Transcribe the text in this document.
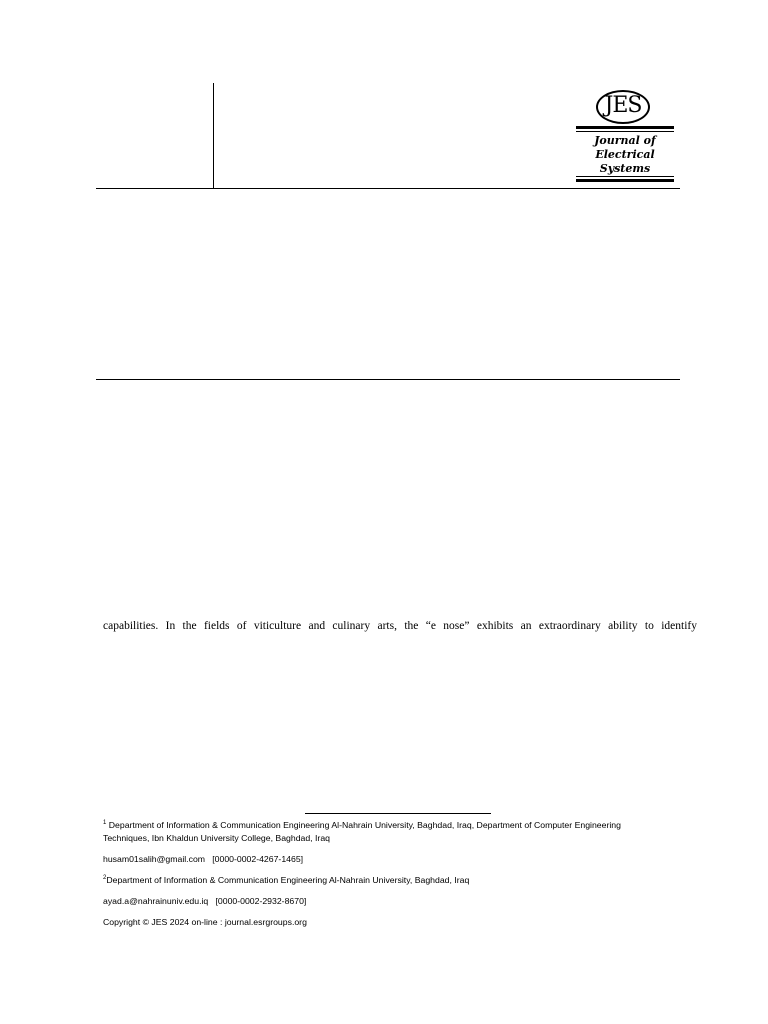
JES
Journal of
Electrical
Systems
capabilities. In the fields of viticulture and culinary arts, the “e nose” exhibits an extraordinary ability to identify
$^1$ Department of Information & Communication Engineering Al-Nahrain University, Baghdad, Iraq, Department of Computer Engineering
Techniques, Ibn Khaldun University College, Baghdad, Iraq
husam01salih@gmail.com   [0000-0002-4267-1465]
$^2$Department of Information & Communication Engineering Al-Nahrain University, Baghdad, Iraq
ayad.a@nahrainuniv.edu.iq   [0000-0002-2932-8670]
Copyright © JES 2024 on-line : journal.esrgroups.org
